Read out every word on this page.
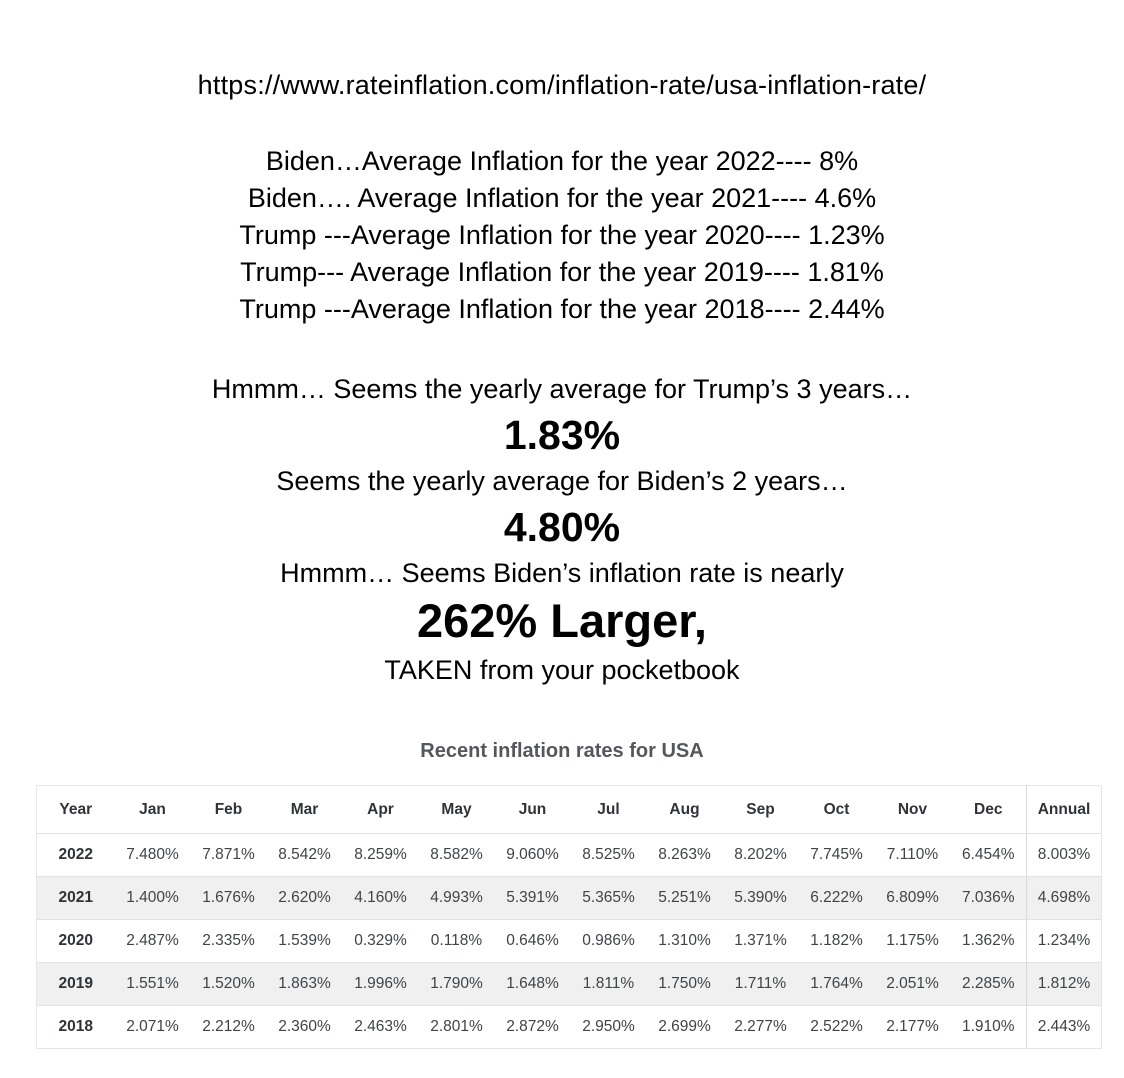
https://www.rateinflation.com/inflation-rate/usa-inflation-rate/
Biden…Average Inflation for the year 2022---- 8%
Biden…. Average Inflation for the year 2021---- 4.6%
Trump ---Average Inflation for the year 2020---- 1.23%
Trump--- Average Inflation for the year 2019---- 1.81%
Trump ---Average Inflation for the year 2018---- 2.44%
Hmmm… Seems the yearly average for Trump’s 3 years…
1.83%
Seems the yearly average for Biden’s 2 years…
4.80%
Hmmm… Seems Biden’s inflation rate is nearly
262% Larger,
TAKEN from your pocketbook
Recent inflation rates for USA
Year	Jan	Feb	Mar	Apr	May	Jun	Jul	Aug	Sep	Oct	Nov	Dec	Annual
2022	7.480%	7.871%	8.542%	8.259%	8.582%	9.060%	8.525%	8.263%	8.202%	7.745%	7.110%	6.454%	8.003%
2021	1.400%	1.676%	2.620%	4.160%	4.993%	5.391%	5.365%	5.251%	5.390%	6.222%	6.809%	7.036%	4.698%
2020	2.487%	2.335%	1.539%	0.329%	0.118%	0.646%	0.986%	1.310%	1.371%	1.182%	1.175%	1.362%	1.234%
2019	1.551%	1.520%	1.863%	1.996%	1.790%	1.648%	1.811%	1.750%	1.711%	1.764%	2.051%	2.285%	1.812%
2018	2.071%	2.212%	2.360%	2.463%	2.801%	2.872%	2.950%	2.699%	2.277%	2.522%	2.177%	1.910%	2.443%
